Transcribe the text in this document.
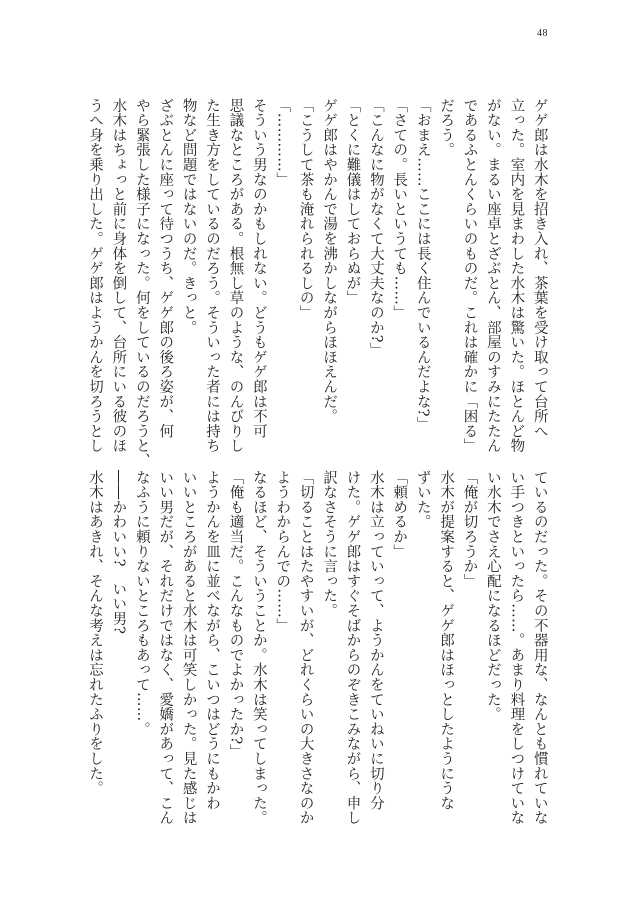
48
ゲゲ郎は水木を招き入れ、茶葉を受け取って台所へ
立った。室内を見まわした水木は驚いた。ほとんど物
がない。まるい座卓とざぶとん、部屋のすみにたたん
であるふとんくらいのものだ。これは確かに「困る」
だろう。
「おまえ……ここには長く住んでいるんだよな?」
「さての。長いというても……」
「こんなに物がなくて大丈夫なのか?」
「とくに難儀はしておらぬが」
ゲゲ郎はやかんで湯を沸かしながらほほえんだ。
「こうして茶も淹れられるしの」
「…………」
そういう男なのかもしれない。どうもゲゲ郎は不可
思議なところがある。根無し草のような、のんびりし
た生き方をしているのだろう。そういった者には持ち
物など問題ではないのだ。きっと。
ざぶとんに座って待つうち、ゲゲ郎の後ろ姿が、何
やら緊張した様子になった。何をしているのだろうと、
水木はちょっと前に身体を倒して、台所にいる彼のほ
うへ身を乗り出した。ゲゲ郎はようかんを切ろうとし
ているのだった。その不器用な、なんとも慣れていな
い手つきといったら……。あまり料理をしつけていな
い水木でさえ心配になるほどだった。
「俺が切ろうか」
水木が提案すると、ゲゲ郎はほっとしたようにうな
ずいた。
「頼めるか」
水木は立っていって、ようかんをていねいに切り分
けた。ゲゲ郎はすぐそばからのぞきこみながら、申し
訳なさそうに言った。
「切ることはたやすいが、どれくらいの大きさなのか
ようわからんでの……」
なるほど、そういうことか。水木は笑ってしまった。
「俺も適当だ。こんなものでよかったか?」
ようかんを皿に並べながら、こいつはどうにもかわ
いいところがあると水木は可笑しかった。見た感じは
いい男だが、それだけではなく、愛嬌があって、こん
なふうに頼りないところもあって……。
――かわいい?　いい男?
水木はあきれ、そんな考えは忘れたふりをした。
